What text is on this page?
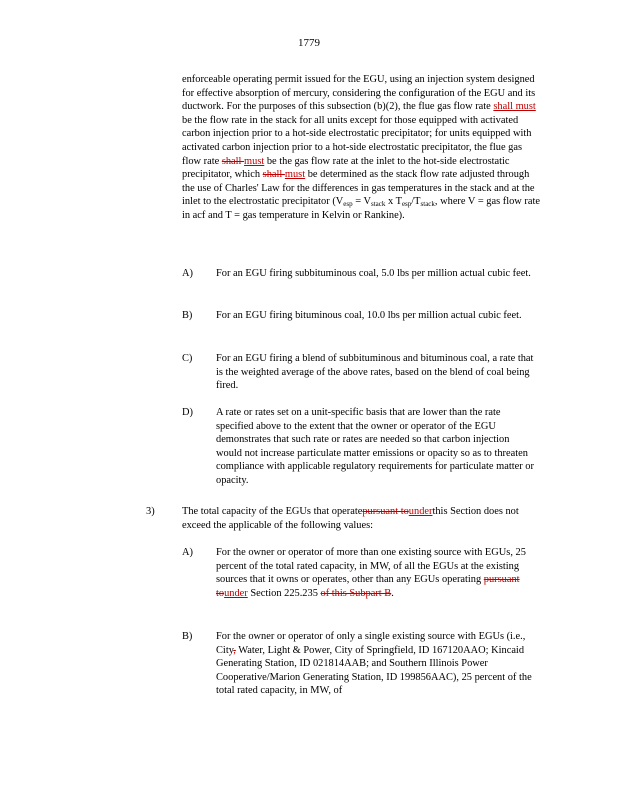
1779
enforceable operating permit issued for the EGU, using an injection system designed for effective absorption of mercury, considering the configuration of the EGU and its ductwork. For the purposes of this subsection (b)(2), the flue gas flow rate shall must be the flow rate in the stack for all units except for those equipped with activated carbon injection prior to a hot-side electrostatic precipitator; for units equipped with activated carbon injection prior to a hot-side electrostatic precipitator, the flue gas flow rate shall must be the gas flow rate at the inlet to the hot-side electrostatic precipitator, which shall must be determined as the stack flow rate adjusted through the use of Charles' Law for the differences in gas temperatures in the stack and at the inlet to the electrostatic precipitator ($V_{esp} = V_{stack}$ x $T_{esp}/T_{stack}$, where V = gas flow rate in acf and T = gas temperature in Kelvin or Rankine).
A) For an EGU firing subbituminous coal, 5.0 lbs per million actual cubic feet.
B) For an EGU firing bituminous coal, 10.0 lbs per million actual cubic feet.
C) For an EGU firing a blend of subbituminous and bituminous coal, a rate that is the weighted average of the above rates, based on the blend of coal being fired.
D) A rate or rates set on a unit-specific basis that are lower than the rate specified above to the extent that the owner or operator of the EGU demonstrates that such rate or rates are needed so that carbon injection would not increase particulate matter emissions or opacity so as to threaten compliance with applicable regulatory requirements for particulate matter or opacity.
3)	The total capacity of the EGUs that operatepursuant tounderthis Section does not exceed the applicable of the following values:
A) For the owner or operator of more than one existing source with EGUs, 25 percent of the total rated capacity, in MW, of all the EGUs at the existing sources that it owns or operates, other than any EGUs operating pursuant tounder Section 225.235 of this Subpart B.
B) For the owner or operator of only a single existing source with EGUs (i.e., City, Water, Light & Power, City of Springfield, ID 167120AAO; Kincaid Generating Station, ID 021814AAB; and Southern Illinois Power Cooperative/Marion Generating Station, ID 199856AAC), 25 percent of the total rated capacity, in MW, of
